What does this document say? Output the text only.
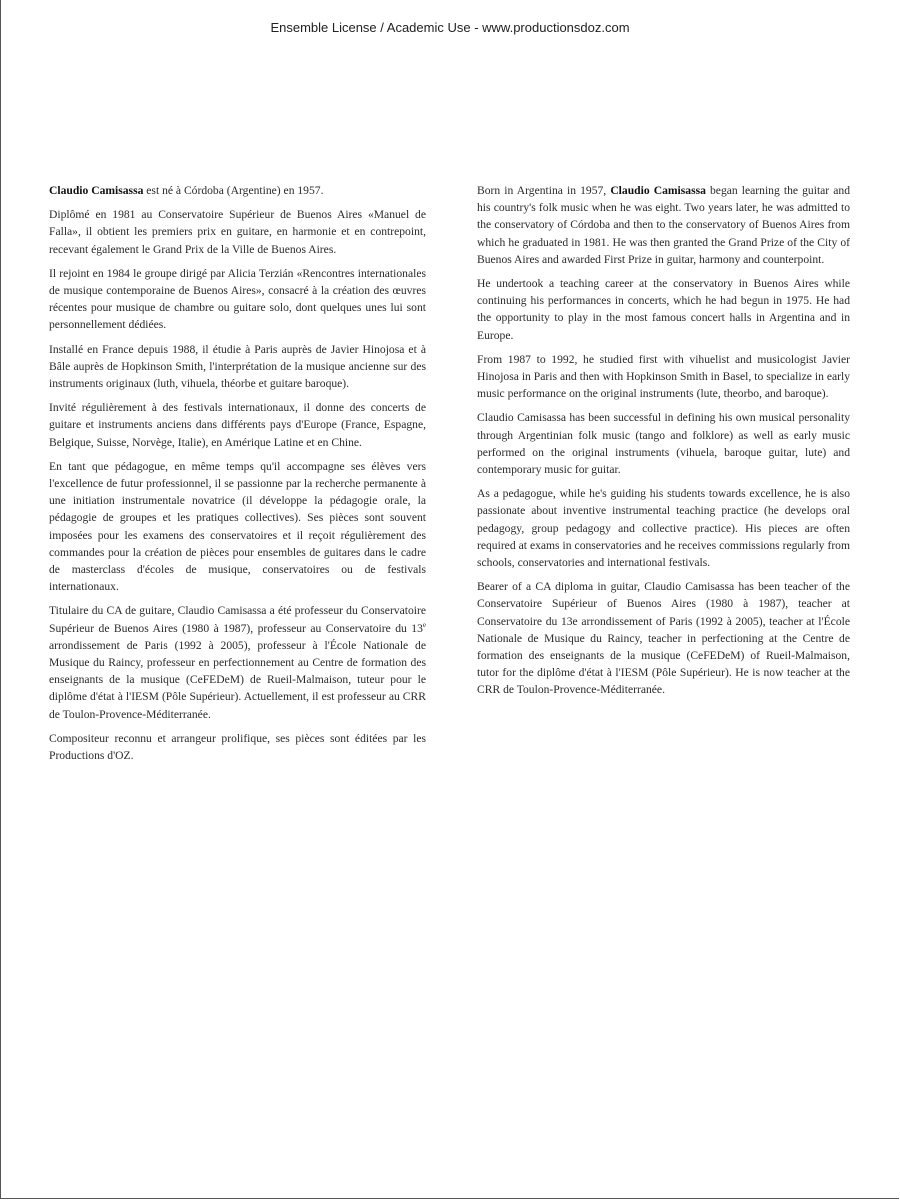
Ensemble License / Academic Use - www.productionsdoz.com

Claudio Camisassa est né à Córdoba (Argentine) en 1957.

Diplômé en 1981 au Conservatoire Supérieur de Buenos Aires «Manuel de Falla», il obtient les premiers prix en guitare, en harmonie et en contrepoint, recevant également le Grand Prix de la Ville de Buenos Aires.

Il rejoint en 1984 le groupe dirigé par Alicia Terzián «Rencontres internationales de musique contemporaine de Buenos Aires», consacré à la création des œuvres récentes pour musique de chambre ou guitare solo, dont quelques unes lui sont personnellement dédiées.

Installé en France depuis 1988, il étudie à Paris auprès de Javier Hinojosa et à Bâle auprès de Hopkinson Smith, l'interprétation de la musique ancienne sur des instruments originaux (luth, vihuela, théorbe et guitare baroque).

Invité régulièrement à des festivals internationaux, il donne des concerts de guitare et instruments anciens dans différents pays d'Europe (France, Espagne, Belgique, Suisse, Norvège, Italie), en Amérique Latine et en Chine.

En tant que pédagogue, en même temps qu'il accompagne ses élèves vers l'excellence de futur professionnel, il se passionne par la recherche permanente à une initiation instrumentale novatrice (il développe la pédagogie orale, la pédagogie de groupes et les pratiques collectives). Ses pièces sont souvent imposées pour les examens des conservatoires et il reçoit régulièrement des commandes pour la création de pièces pour ensembles de guitares dans le cadre de masterclass d'écoles de musique, conservatoires ou de festivals internationaux.

Titulaire du CA de guitare, Claudio Camisassa a été professeur du Conservatoire Supérieur de Buenos Aires (1980 à 1987), professeur au Conservatoire du 13e arrondissement de Paris (1992 à 2005), professeur à l'École Nationale de Musique du Raincy, professeur en perfectionnement au Centre de formation des enseignants de la musique (CeFEDeM) de Rueil-Malmaison, tuteur pour le diplôme d'état à l'IESM (Pôle Supérieur). Actuellement, il est professeur au CRR de Toulon-Provence-Méditerranée.

Compositeur reconnu et arrangeur prolifique, ses pièces sont éditées par les Productions d'OZ.

Born in Argentina in 1957, Claudio Camisassa began learning the guitar and his country's folk music when he was eight. Two years later, he was admitted to the conservatory of Córdoba and then to the conservatory of Buenos Aires from which he graduated in 1981. He was then granted the Grand Prize of the City of Buenos Aires and awarded First Prize in guitar, harmony and counterpoint.

He undertook a teaching career at the conservatory in Buenos Aires while continuing his performances in concerts, which he had begun in 1975. He had the opportunity to play in the most famous concert halls in Argentina and in Europe.

From 1987 to 1992, he studied first with vihuelist and musicologist Javier Hinojosa in Paris and then with Hopkinson Smith in Basel, to specialize in early music performance on the original instruments (lute, theorbo, and baroque).

Claudio Camisassa has been successful in defining his own musical personality through Argentinian folk music (tango and folklore) as well as early music performed on the original instruments (vihuela, baroque guitar, lute) and contemporary music for guitar.

As a pedagogue, while he's guiding his students towards excellence, he is also passionate about inventive instrumental teaching practice (he develops oral pedagogy, group pedagogy and collective practice). His pieces are often required at exams in conservatories and he receives commissions regularly from schools, conservatories and international festivals.

Bearer of a CA diploma in guitar, Claudio Camisassa has been teacher of the Conservatoire Supérieur of Buenos Aires (1980 à 1987), teacher at Conservatoire du 13e arrondissement of Paris (1992 à 2005), teacher at l'École Nationale de Musique du Raincy, teacher in perfectioning at the Centre de formation des enseignants de la musique (CeFEDeM) of Rueil-Malmaison, tutor for the diplôme d'état à l'IESM (Pôle Supérieur). He is now teacher at the CRR de Toulon-Provence-Méditerranée.
